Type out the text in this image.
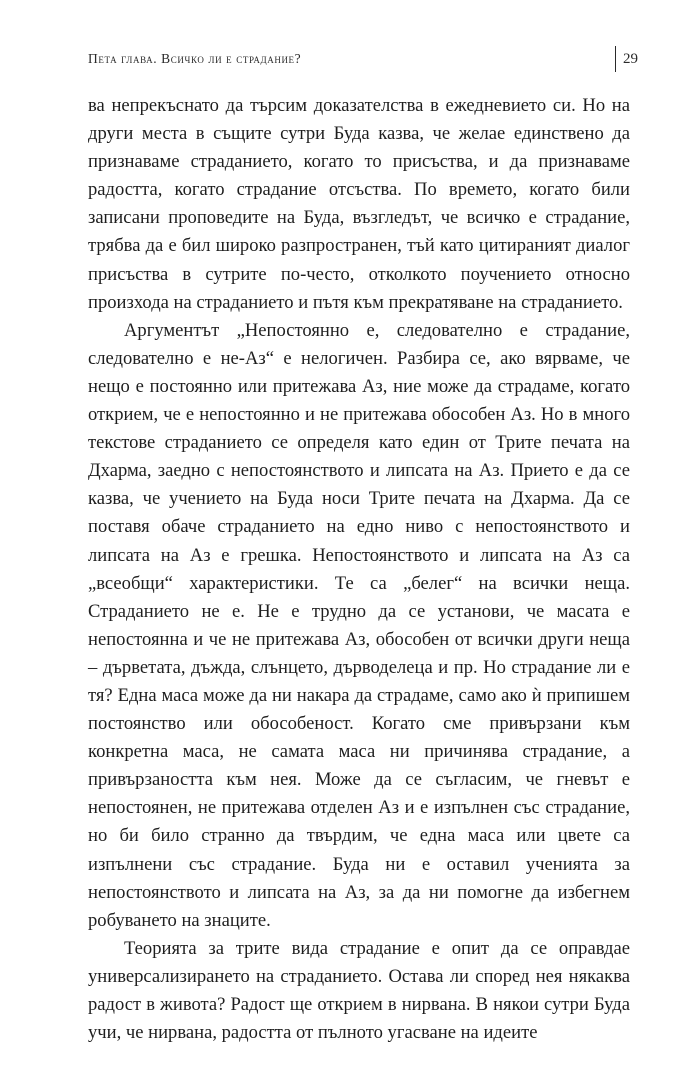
Пета глава. Всичко ли е страдание?	29

ва непрекъснато да търсим доказателства в ежедневието си. Но на други места в същите сутри Буда казва, че желае единствено да признаваме страданието, когато то присъства, и да признаваме радостта, когато страдание отсъства. По времето, когато били записани проповедите на Буда, възгледът, че всичко е страдание, трябва да е бил широко разпространен, тъй като цитираният диалог присъства в сутрите по-често, отколкото поучението относно произхода на страданието и пътя към прекратяване на страданието.

Аргументът „Непостоянно е, следователно е страдание, следователно е не-Аз“ е нелогичен. Разбира се, ако вярваме, че нещо е постоянно или притежава Аз, ние може да страдаме, когато открием, че е непостоянно и не притежава обособен Аз. Но в много текстове страданието се определя като един от Трите печата на Дхарма, заедно с непостоянството и липсата на Аз. Прието е да се казва, че учението на Буда носи Трите печата на Дхарма. Да се поставя обаче страданието на едно ниво с непостоянството и липсата на Аз е грешка. Непостоянството и липсата на Аз са „всеобщи“ характеристики. Те са „белег“ на всички неща. Страданието не е. Не е трудно да се установи, че масата е непостоянна и че не притежава Аз, обособен от всички други неща – дърветата, дъжда, слънцето, дърводелеца и пр. Но страдание ли е тя? Една маса може да ни накара да страдаме, само ако ѝ припишем постоянство или обособеност. Когато сме привързани към конкретна маса, не самата маса ни причинява страдание, а привързаността към нея. Може да се съгласим, че гневът е непостоянен, не притежава отделен Аз и е изпълнен със страдание, но би било странно да твърдим, че една маса или цвете са изпълнени със страдание. Буда ни е оставил ученията за непостоянството и липсата на Аз, за да ни помогне да избегнем робуването на знаците.

Теорията за трите вида страдание е опит да се оправдае универсализирането на страданието. Остава ли според нея някаква радост в живота? Радост ще открием в нирвана. В някои сутри Буда учи, че нирвана, радостта от пълното угасване на идеите
